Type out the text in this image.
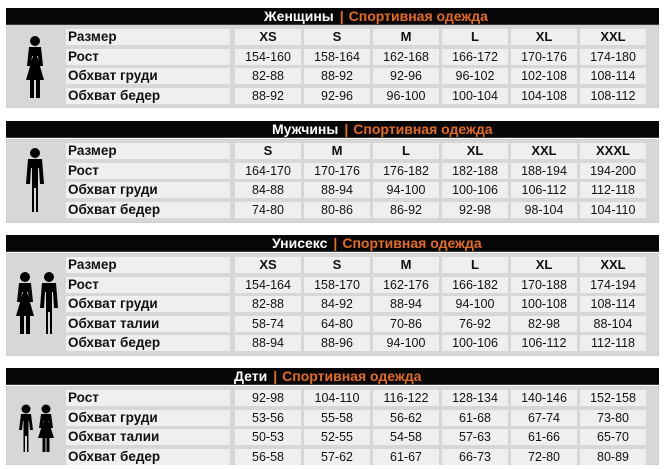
Женщины | Спортивная одежда
Размер	XS	S	M	L	XL	XXL
Рост	154-160	158-164	162-168	166-172	170-176	174-180
Обхват груди	82-88	88-92	92-96	96-102	102-108	108-114
Обхват бедер	88-92	92-96	96-100	100-104	104-108	108-112
Мужчины | Спортивная одежда
Размер	S	M	L	XL	XXL	XXXL
Рост	164-170	170-176	176-182	182-188	188-194	194-200
Обхват груди	84-88	88-94	94-100	100-106	106-112	112-118
Обхват бедер	74-80	80-86	86-92	92-98	98-104	104-110
Унисекс | Спортивная одежда
Размер	XS	S	M	L	XL	XXL
Рост	154-164	158-170	162-176	166-182	170-188	174-194
Обхват груди	82-88	84-92	88-94	94-100	100-108	108-114
Обхват талии	58-74	64-80	70-86	76-92	82-98	88-104
Обхват бедер	88-94	88-96	94-100	100-106	106-112	112-118
Дети | Спортивная одежда
Рост	92-98	104-110	116-122	128-134	140-146	152-158
Обхват груди	53-56	55-58	56-62	61-68	67-74	73-80
Обхват талии	50-53	52-55	54-58	57-63	61-66	65-70
Обхват бедер	56-58	57-62	61-67	66-73	72-80	80-89
